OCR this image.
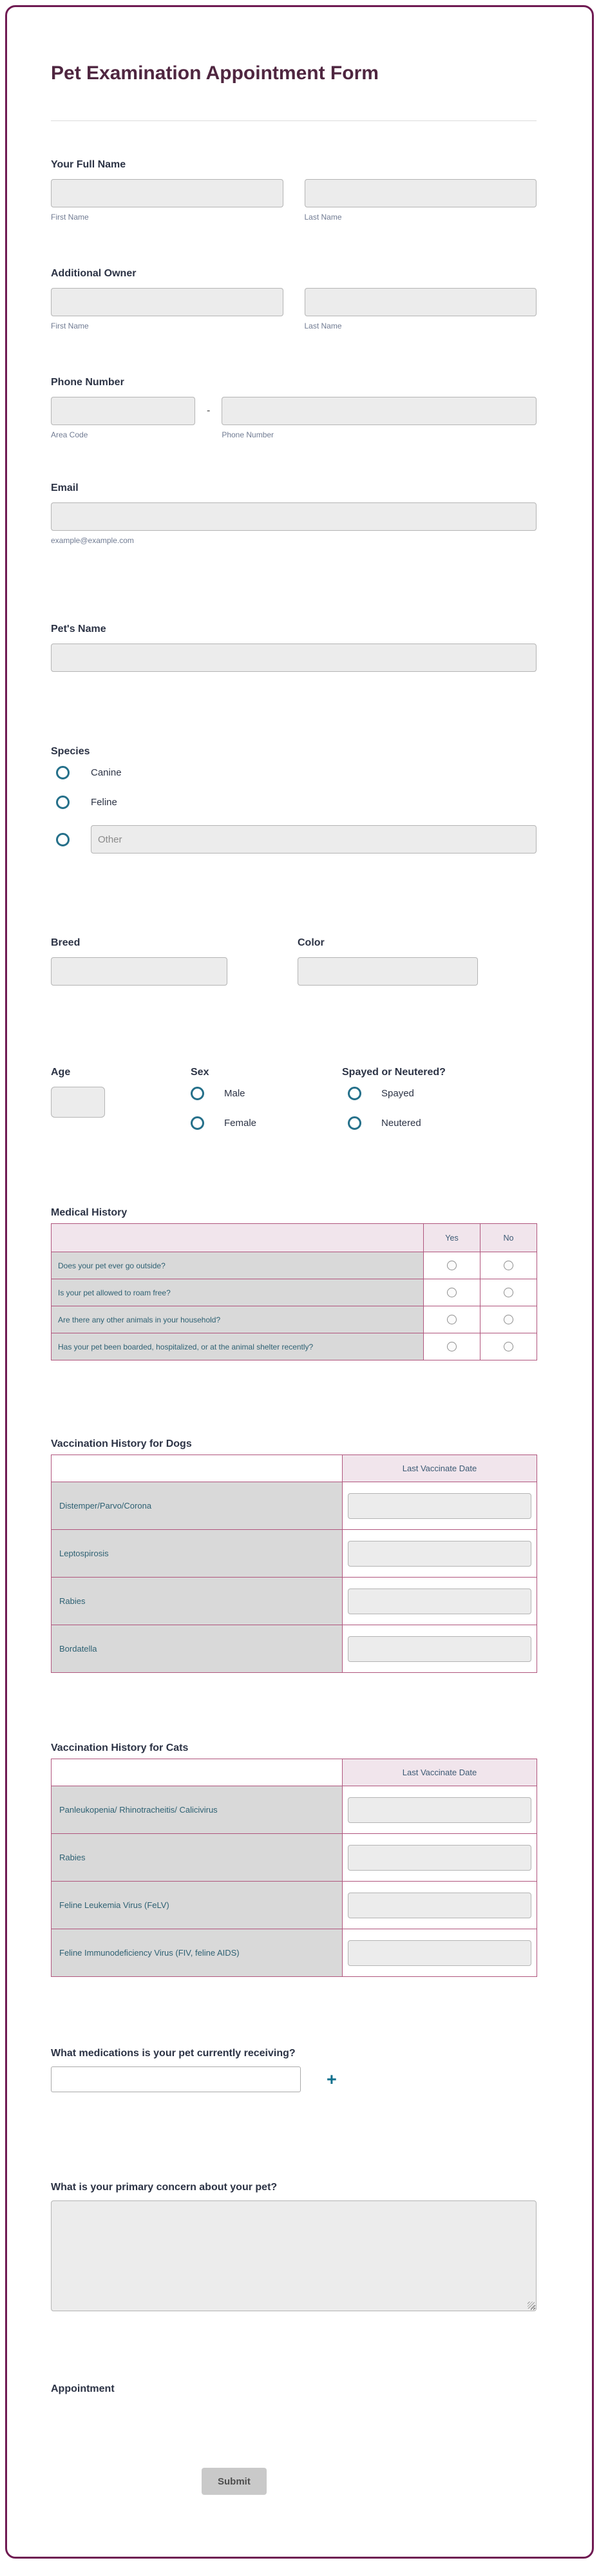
Pet Examination Appointment Form
Your Full Name
First Name	Last Name
Additional Owner
First Name	Last Name
Phone Number
Area Code
-
Phone Number
Email
example@example.com
Pet's Name
Species
Canine
Feline
Other
Breed	Color
Age	Sex
Male
Female
Spayed or Neutered?
Spayed
Neutered
Medical History
	Yes	No
Does your pet ever go outside?		
Is your pet allowed to roam free?		
Are there any other animals in your household?		
Has your pet been boarded, hospitalized, or at the animal shelter recently?		
Vaccination History for Dogs
	Last Vaccinate Date
Distemper/Parvo/Corona	
Leptospirosis	
Rabies	
Bordatella	
Vaccination History for Cats
	Last Vaccinate Date
Panleukopenia/ Rhinotracheitis/ Calicivirus	
Rabies	
Feline Leukemia Virus (FeLV)	
Feline Immunodeficiency Virus (FIV, feline AIDS)	
What medications is your pet currently receiving?
+
What is your primary concern about your pet?
Appointment
Submit
